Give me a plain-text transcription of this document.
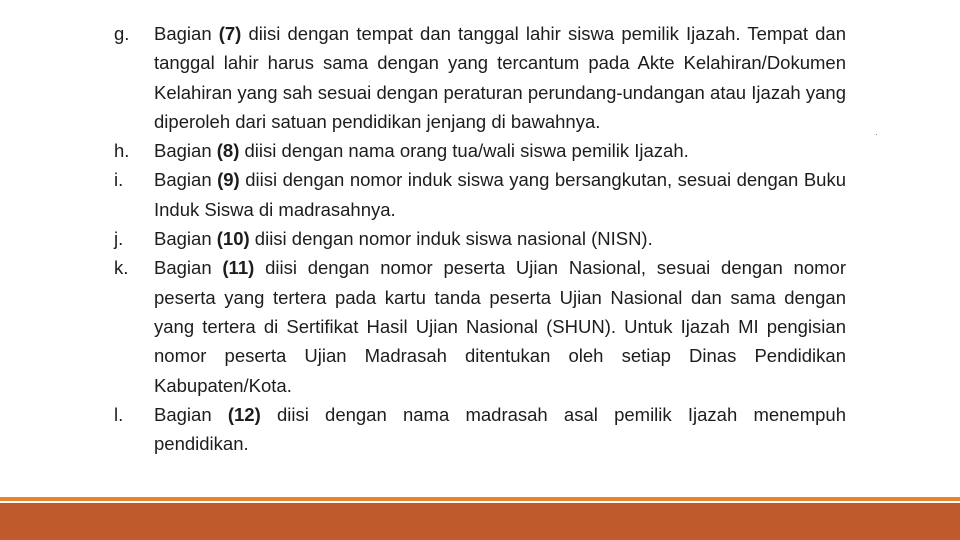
g.	Bagian (7) diisi dengan tempat dan tanggal lahir siswa pemilik Ijazah. Tempat dan tanggal lahir harus sama dengan yang tercantum pada Akte Kelahiran/Dokumen Kelahiran yang sah sesuai dengan peraturan perundang-undangan atau Ijazah yang diperoleh dari satuan pendidikan jenjang di bawahnya.
h.	Bagian (8) diisi dengan nama orang tua/wali siswa pemilik Ijazah.
i.	Bagian (9) diisi dengan nomor induk siswa yang bersangkutan, sesuai dengan Buku Induk Siswa di madrasahnya.
j.	Bagian (10) diisi dengan nomor induk siswa nasional (NISN).
k.	Bagian (11) diisi dengan nomor peserta Ujian Nasional, sesuai dengan nomor peserta yang tertera pada kartu tanda peserta Ujian Nasional dan sama dengan yang tertera di Sertifikat Hasil Ujian Nasional (SHUN). Untuk Ijazah MI pengisian nomor peserta Ujian Madrasah ditentukan oleh setiap Dinas Pendidikan Kabupaten/Kota.
l.	Bagian (12) diisi dengan nama madrasah asal pemilik Ijazah menempuh pendidikan.
